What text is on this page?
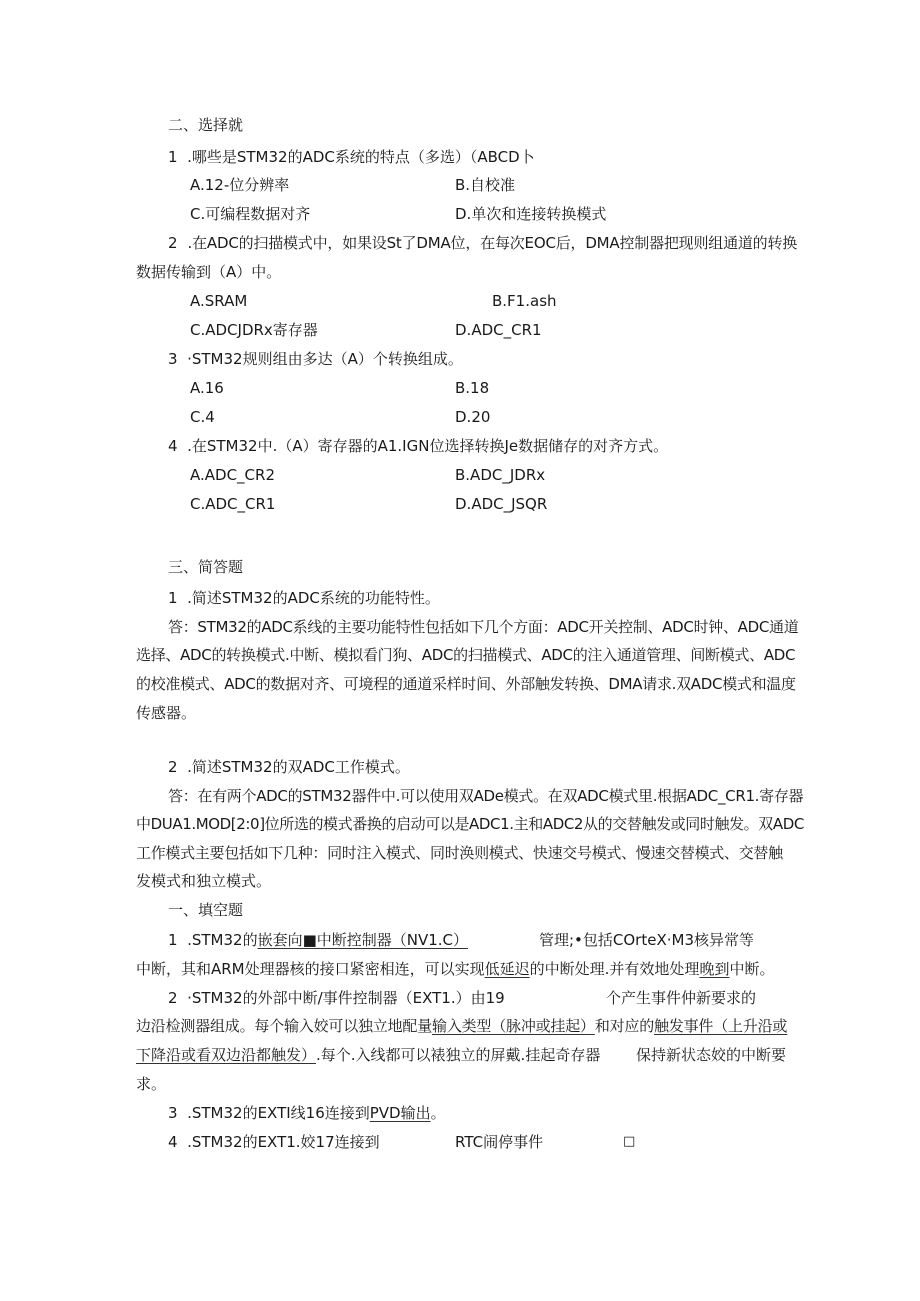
二、选择就
1 .哪些是STM32的ADC系统的特点（多选）（ABCD卜
A.12-位分辨率	B.自校准
C.可编程数据对齐	D.单次和连接转换模式
2 .在ADC的扫描模式中，如果设St了DMA位，在每次EOC后，DMA控制器把现则组通道的转换
数据传输到（A）中。
A.SRAM	B.F1.ash
C.ADCJDRx寄存器	D.ADC_CR1
3 ·STM32规则组由多达（A）个转换组成。
A.16	B.18
C.4	D.20
4 .在STM32中.（A）寄存器的A1.IGN位选择转换Je数据储存的对齐方式。
A.ADC_CR2	B.ADC_JDRx
C.ADC_CR1	D.ADC_JSQR
三、简答题
1 .简述STM32的ADC系统的功能特性。
答：STM32的ADC系线的主要功能特性包括如下几个方面：ADC开关控制、ADC时钟、ADC通道
选择、ADC的转换模式.中断、模拟看门狗、ADC的扫描模式、ADC的注入通道管理、间断模式、ADC
的校准模式、ADC的数据对齐、可境程的通道采样时间、外部触发转换、DMA请求.双ADC模式和温度
传感器。
2 .简述STM32的双ADC工作模式。
答：在有两个ADC的STM32器件中.可以使用双ADe模式。在双ADC模式里.根据ADC_CR1.寄存器
中DUA1.MOD[2:0]位所选的模式番换的启动可以是ADC1.主和ADC2从的交替触发或同时触发。双ADC
工作模式主要包括如下几种：同时注入模式、同时涣则模式、快速交号模式、慢速交替模式、交替触
发模式和独立模式。
一、填空题
1 .STM32的嵌套向■中断控制器（NV1.C）	管理;•包括COrteX·M3核异常等
中断，其和ARM处理器核的接口紧密相连，可以实现低延迟的中断处理.并有效地处理晚到中断。
2 ·STM32的外部中断/事件控制器（EXT1.）由19	个产生事件仲新要求的
边沿检测器组成。每个输入姣可以独立地配量输入类型（脉冲或挂起）和对应的触发事件（上升沿或
下降沿或看双边沿都触发）.每个.入线都可以裱独立的屏戴.挂起奇存器 保持新状态姣的中断要
求。
3 .STM32的EXTI线16连接到PVD输出。
4 .STM32的EXT1.姣17连接到	RTC闹停事件	□
